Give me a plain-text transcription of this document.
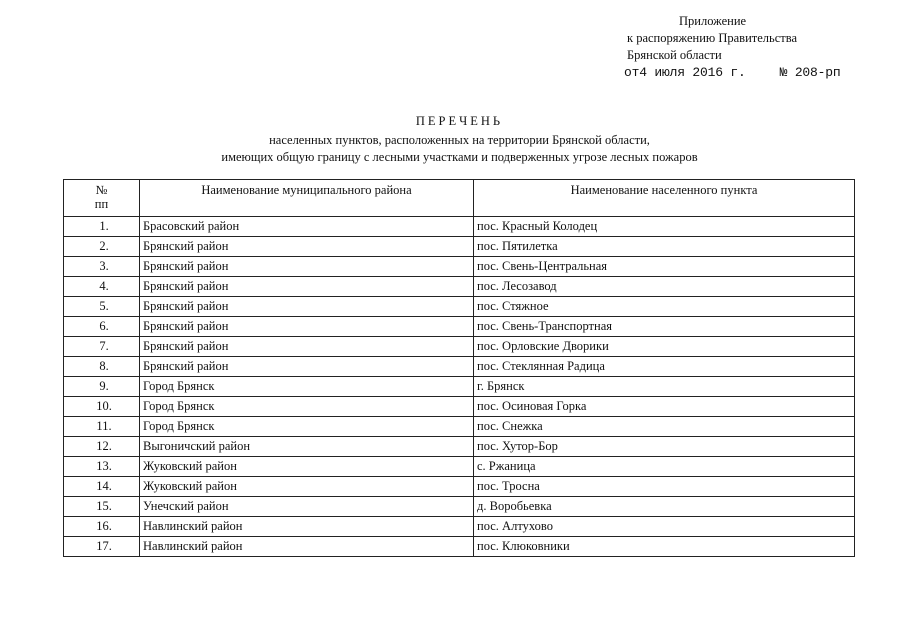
Приложение
к распоряжению Правительства
Брянской области
от4 июля 2016 г.	№ 208-рп
ПЕРЕЧЕНЬ
населенных пунктов, расположенных на территории Брянской области,
имеющих общую границу с лесными участками и подверженных угрозе лесных пожаров
№
пп	Наименование муниципального района	Наименование населенного пункта
1.	Брасовский район	пос. Красный Колодец
2.	Брянский район	пос. Пятилетка
3.	Брянский район	пос. Свень-Центральная
4.	Брянский район	пос. Лесозавод
5.	Брянский район	пос. Стяжное
6.	Брянский район	пос. Свень-Транспортная
7.	Брянский район	пос. Орловские Дворики
8.	Брянский район	пос. Стеклянная Радица
9.	Город Брянск	г. Брянск
10.	Город Брянск	пос. Осиновая Горка
11.	Город Брянск	пос. Снежка
12.	Выгоничский район	пос. Хутор-Бор
13.	Жуковский район	с. Ржаница
14.	Жуковский район	пос. Тросна
15.	Унечский район	д. Воробьевка
16.	Навлинский район	пос. Алтухово
17.	Навлинский район	пос. Клюковники
